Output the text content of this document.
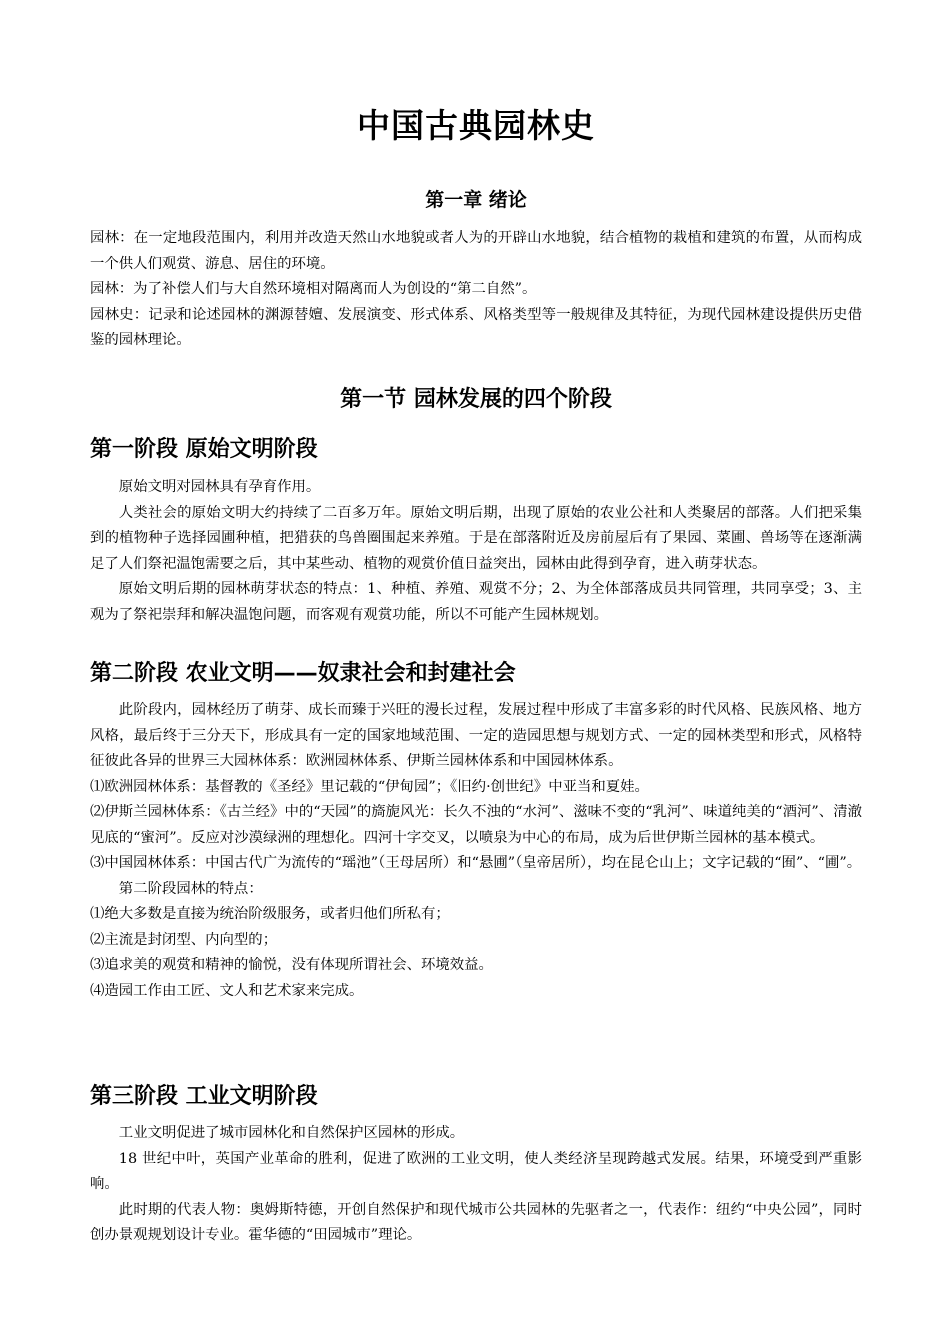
中国古典园林史
第一章 绪论

园林：在一定地段范围内，利用并改造天然山水地貌或者人为的开辟山水地貌，结合植物的栽植和建筑的布置，从而构成一个供人们观赏、游息、居住的环境。

园林：为了补偿人们与大自然环境相对隔离而人为创设的“第二自然”。

园林史：记录和论述园林的渊源替嬗、发展演变、形式体系、风格类型等一般规律及其特征，为现代园林建设提供历史借鉴的园林理论。

第一节 园林发展的四个阶段
第一阶段 原始文明阶段

原始文明对园林具有孕育作用。

人类社会的原始文明大约持续了二百多万年。原始文明后期，出现了原始的农业公社和人类聚居的部落。人们把采集到的植物种子选择园圃种植，把猎获的鸟兽圈围起来养殖。于是在部落附近及房前屋后有了果园、菜圃、兽场等在逐渐满足了人们祭祀温饱需要之后，其中某些动、植物的观赏价值日益突出，园林由此得到孕育，进入萌芽状态。

原始文明后期的园林萌芽状态的特点：1、种植、养殖、观赏不分；2、为全体部落成员共同管理，共同享受；3、主观为了祭祀崇拜和解决温饱问题，而客观有观赏功能，所以不可能产生园林规划。

第二阶段 农业文明——奴隶社会和封建社会

此阶段内，园林经历了萌芽、成长而臻于兴旺的漫长过程，发展过程中形成了丰富多彩的时代风格、民族风格、地方风格，最后终于三分天下，形成具有一定的国家地域范围、一定的造园思想与规划方式、一定的园林类型和形式，风格特征彼此各异的世界三大园林体系：欧洲园林体系、伊斯兰园林体系和中国园林体系。

⑴欧洲园林体系：基督教的《圣经》里记载的“伊甸园”；《旧约·创世纪》中亚当和夏娃。

⑵伊斯兰园林体系：《古兰经》中的“天园”的旖旎风光：长久不浊的“水河”、滋味不变的“乳河”、味道纯美的“酒河”、清澈见底的“蜜河”。反应对沙漠绿洲的理想化。四河十字交叉，以喷泉为中心的布局，成为后世伊斯兰园林的基本模式。

⑶中国园林体系：中国古代广为流传的“瑶池”（王母居所）和“悬圃”（皇帝居所），均在昆仑山上；文字记载的“囿”、“圃”。

第二阶段园林的特点：

⑴绝大多数是直接为统治阶级服务，或者归他们所私有；

⑵主流是封闭型、内向型的；

⑶追求美的观赏和精神的愉悦，没有体现所谓社会、环境效益。

⑷造园工作由工匠、文人和艺术家来完成。

第三阶段 工业文明阶段

工业文明促进了城市园林化和自然保护区园林的形成。

18 世纪中叶，英国产业革命的胜利，促进了欧洲的工业文明，使人类经济呈现跨越式发展。结果，环境受到严重影响。

此时期的代表人物：奥姆斯特德，开创自然保护和现代城市公共园林的先驱者之一，代表作：纽约“中央公园”，同时创办景观规划设计专业。霍华德的“田园城市”理论。
